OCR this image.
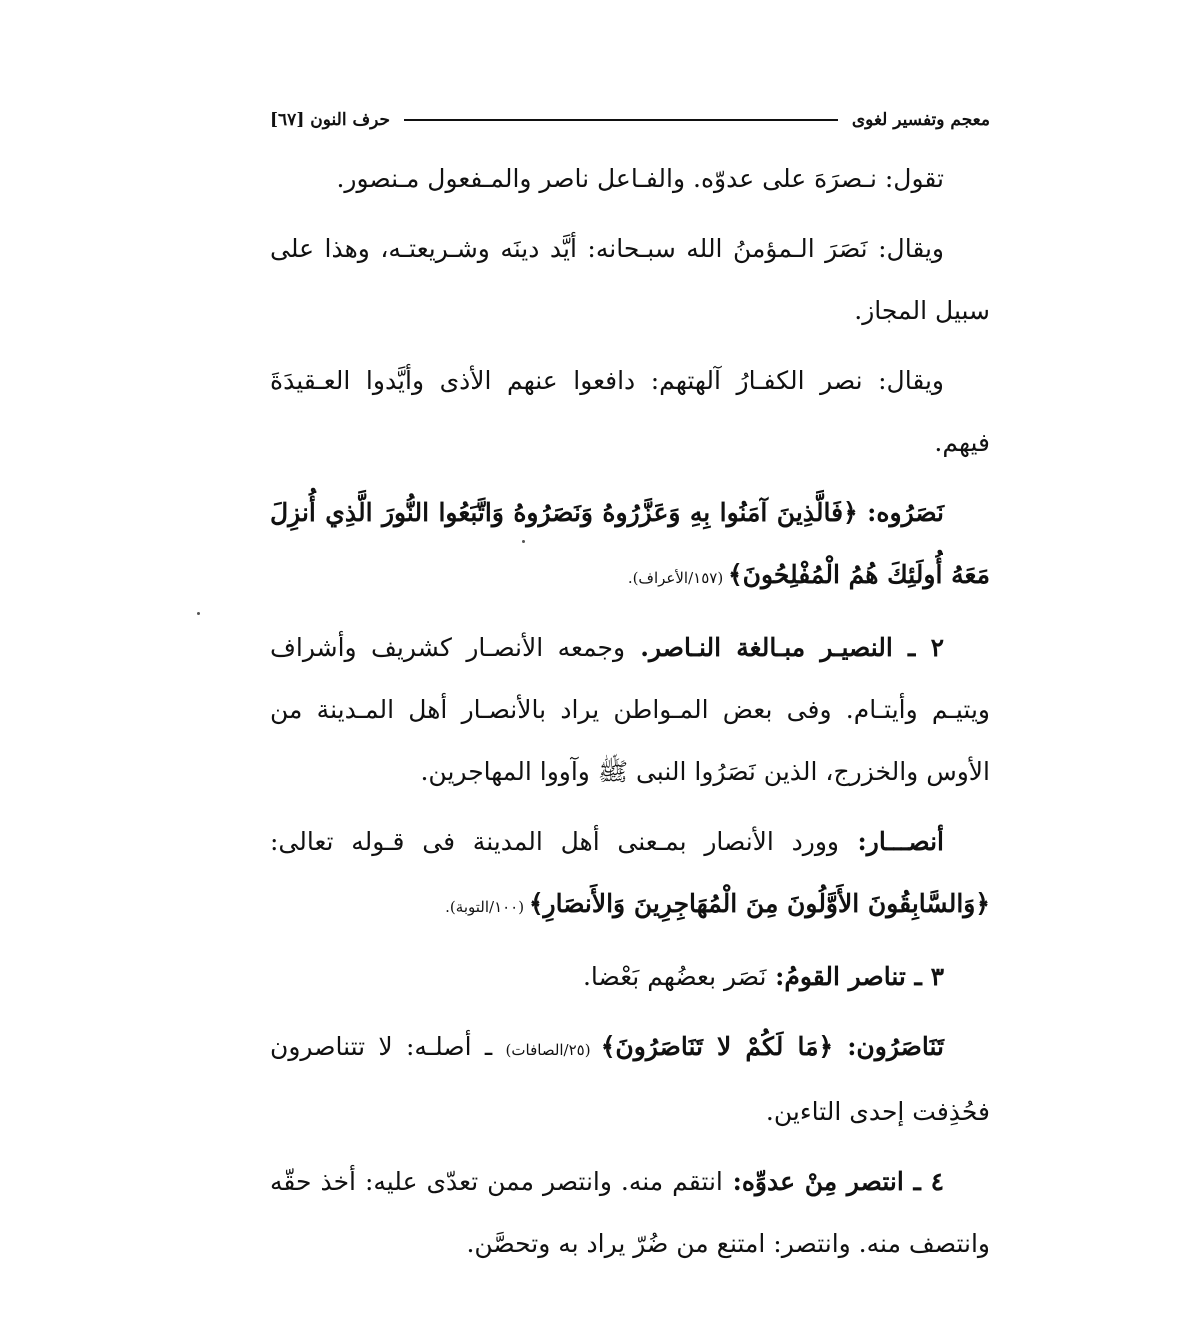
معجم وتفسير لغوى
حرف النون [٦٧]

تقول: نـصرَهَ على عدوّه. والفـاعل ناصر والمـفعول مـنصور.

ويقال: نَصَرَ الـمؤمنُ الله سبـحانه: أيَّد دينَه وشـريعتـه، وهذا على سبيل المجاز.

ويقال: نصر الكفـارُ آلهتهم: دافعوا عنهم الأذى وأيَّدوا العـقيدَةَ فيهم.

نَصَرُوه: ﴿فَالَّذِينَ آمَنُوا بِهِ وَعَزَّرُوهُ وَنَصَرُوهُ وَاتَّبَعُوا النُّورَ الَّذِي أُنزِلَ مَعَهُ أُولَئِكَ هُمُ الْمُفْلِحُونَ﴾ (١٥٧/الأعراف).

٢ ـ النصيـر مبـالغة النـاصر. وجمعه الأنصـار كشريف وأشراف ويتيـم وأيتـام. وفى بعض المـواطن يراد بالأنصـار أهل المـدينة من الأوس والخزرج، الذين نَصَرُوا النبى ﷺ وآووا المهاجرين.

أنصـــار: وورد الأنصار بمـعنى أهل المدينة فى قـوله تعالى: ﴿وَالسَّابِقُونَ الأَوَّلُونَ مِنَ الْمُهَاجِرِينَ وَالأَنصَارِ﴾ (١٠٠/التوبة).

٣ ـ تناصر القومُ: نَصَر بعضُهم بَعْضا.

تَنَاصَرُون: ﴿مَا لَكُمْ لا تَنَاصَرُونَ﴾ (٢٥/الصافات) ـ أصلـه: لا تتناصرون فحُذِفت إحدى التاءين.

٤ ـ انتصر مِنْ عدوِّه: انتقم منه. وانتصر ممن تعدّى عليه: أخذ حقّه وانتصف منه. وانتصر: امتنع من ضُرّ يراد به وتحصَّن.
